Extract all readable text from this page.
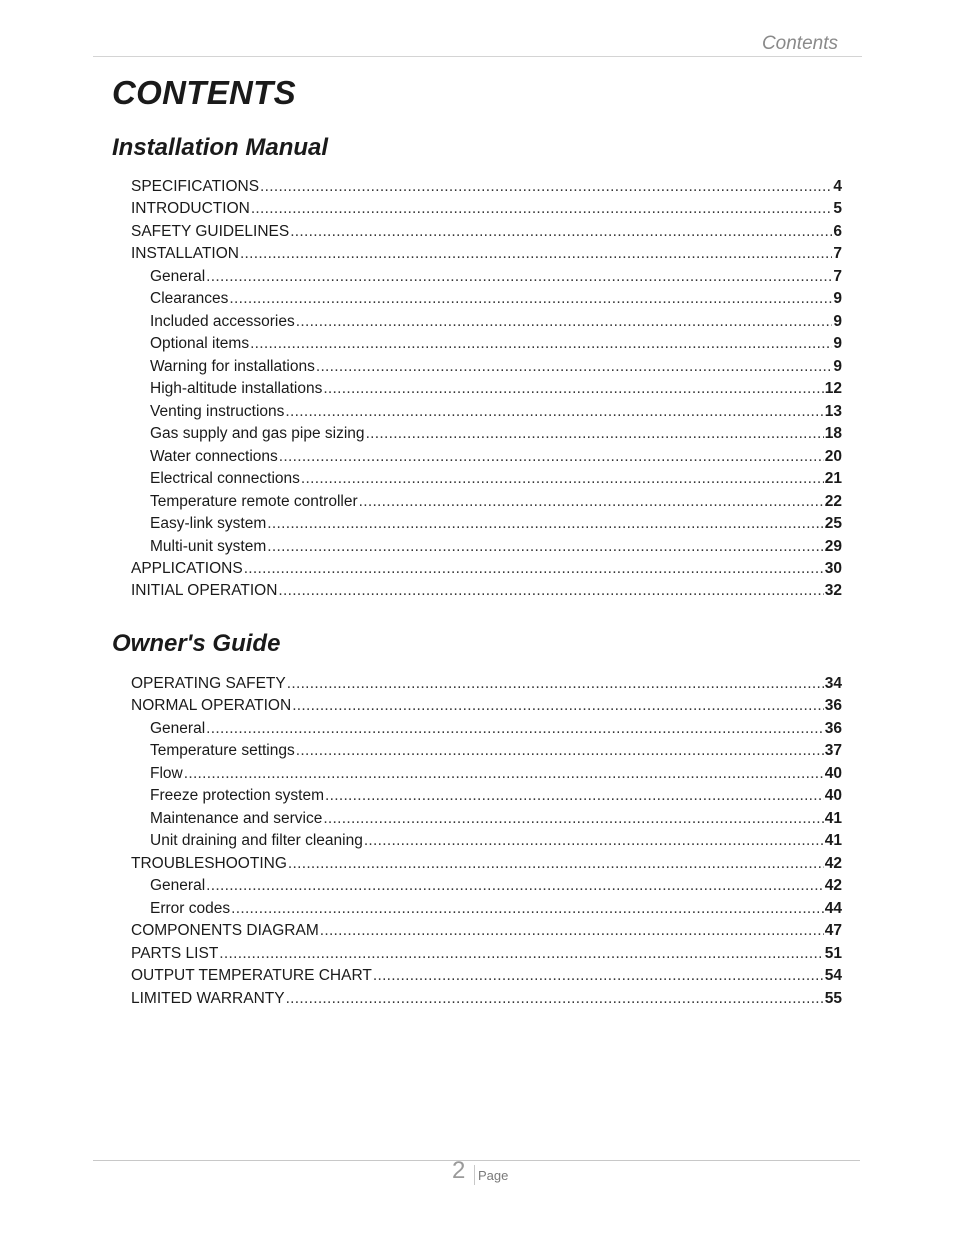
Contents
CONTENTS
Installation Manual
SPECIFICATIONS .....	4
INTRODUCTION .....	5
SAFETY GUIDELINES .....	6
INSTALLATION .....	7
General .....	7
Clearances .....	9
Included accessories .....	9
Optional items .....	9
Warning for installations .....	9
High-altitude installations .....	12
Venting instructions .....	13
Gas supply and gas pipe sizing .....	18
Water connections .....	20
Electrical connections .....	21
Temperature remote controller .....	22
Easy-link system .....	25
Multi-unit system .....	29
APPLICATIONS .....	30
INITIAL OPERATION .....	32
Owner's Guide
OPERATING SAFETY .....	34
NORMAL OPERATION .....	36
General .....	36
Temperature settings .....	37
Flow .....	40
Freeze protection system .....	40
Maintenance and service .....	41
Unit draining and filter cleaning .....	41
TROUBLESHOOTING .....	42
General .....	42
Error codes .....	44
COMPONENTS DIAGRAM .....	47
PARTS LIST .....	51
OUTPUT TEMPERATURE CHART .....	54
LIMITED WARRANTY .....	55
2 Page
